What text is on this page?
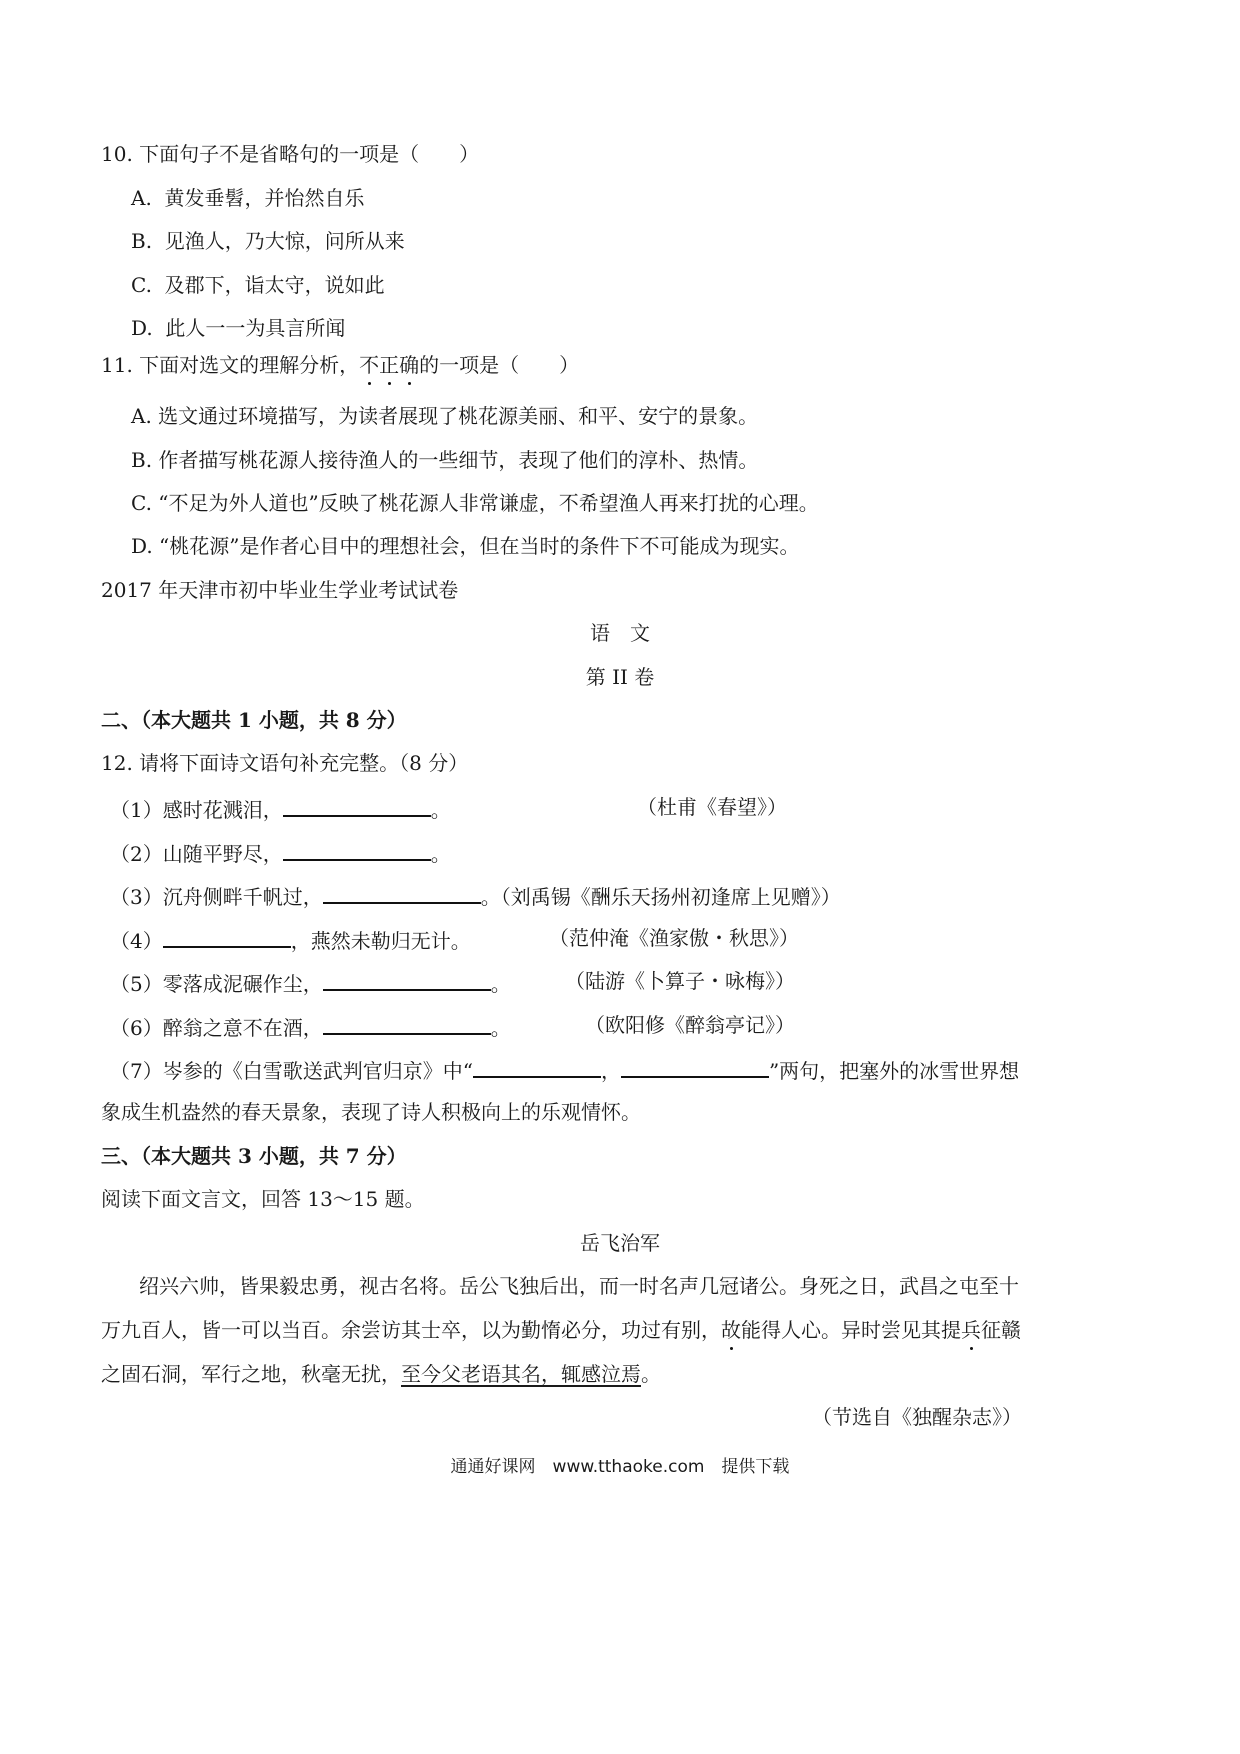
10. 下面句子不是省略句的一项是（　　）
A. 黄发垂髫，并怡然自乐
B. 见渔人，乃大惊，问所从来
C. 及郡下，诣太守，说如此
D. 此人一一为具言所闻
11. 下面对选文的理解分析，不正确的一项是（　　）
A. 选文通过环境描写，为读者展现了桃花源美丽、和平、安宁的景象。
B. 作者描写桃花源人接待渔人的一些细节，表现了他们的淳朴、热情。
C. “不足为外人道也”反映了桃花源人非常谦虚，不希望渔人再来打扰的心理。
D. “桃花源”是作者心目中的理想社会，但在当时的条件下不可能成为现实。
2017 年天津市初中毕业生学业考试试卷
语　文
第 II 卷
二、（本大题共 1 小题，共 8 分）
12. 请将下面诗文语句补充完整。（8 分）
（1）感时花溅泪，	。	（杜甫《春望》）
（2）山随平野尽，	。
（3）沉舟侧畔千帆过，	。（刘禹锡《酬乐天扬州初逢席上见赠》）
（4）	，燕然未勒归无计。	（范仲淹《渔家傲・秋思》）
（5）零落成泥碾作尘，	。	（陆游《卜算子・咏梅》）
（6）醉翁之意不在酒，	。	（欧阳修《醉翁亭记》）
（7）岑参的《白雪歌送武判官归京》中“	，	”两句，把塞外的冰雪世界想
象成生机盎然的春天景象，表现了诗人积极向上的乐观情怀。
三、（本大题共 3 小题，共 7 分）
阅读下面文言文，回答 13～15 题。
岳飞治军
绍兴六帅，皆果毅忠勇，视古名将。岳公飞独后出，而一时名声几冠诸公。身死之日，武昌之屯至十
万九百人，皆一可以当百。余尝访其士卒，以为勤惰必分，功过有别，故能得人心。异时尝见其提兵征赣
之固石洞，军行之地，秋毫无扰，至今父老语其名，辄感泣焉。
（节选自《独醒杂志》）
通通好课网　www.tthaoke.com　提供下载
